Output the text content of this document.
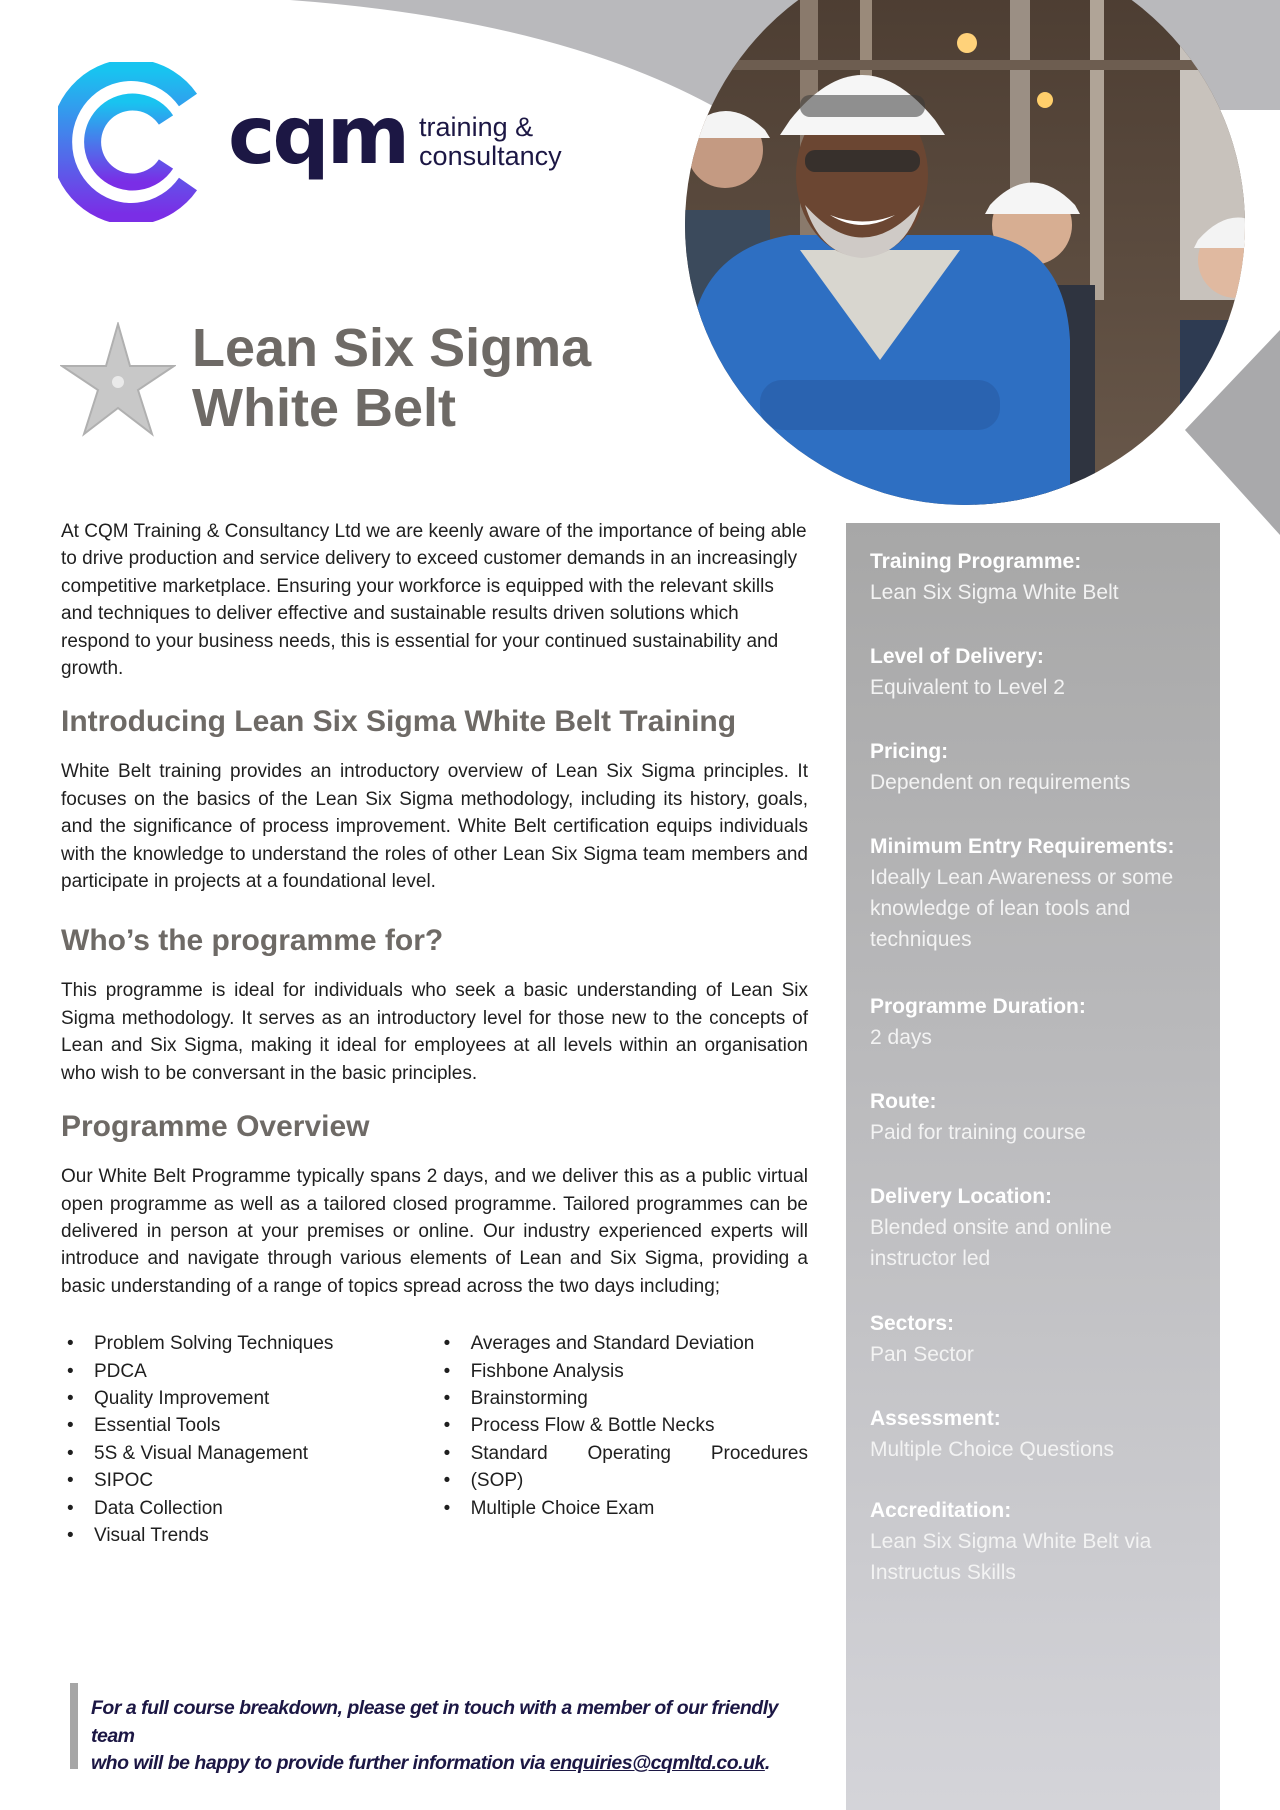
cqm training &
consultancy
Lean Six Sigma
White Belt

At CQM Training & Consultancy Ltd we are keenly aware of the importance of being able to drive production and service delivery to exceed customer demands in an increasingly competitive marketplace. Ensuring your workforce is equipped with the relevant skills and techniques to deliver effective and sustainable results driven solutions which respond to your business needs, this is essential for your continued sustainability and growth.

Introducing Lean Six Sigma White Belt Training

White Belt training provides an introductory overview of Lean Six Sigma principles. It focuses on the basics of the Lean Six Sigma methodology, including its history, goals, and the significance of process improvement. White Belt certification equips individuals with the knowledge to understand the roles of other Lean Six Sigma team members and participate in projects at a foundational level.

Who’s the programme for?

This programme is ideal for individuals who seek a basic understanding of Lean Six Sigma methodology. It serves as an introductory level for those new to the concepts of Lean and Six Sigma, making it ideal for employees at all levels within an organisation who wish to be conversant in the basic principles.

Programme Overview

Our White Belt Programme typically spans 2 days, and we deliver this as a public virtual open programme as well as a tailored closed programme. Tailored programmes can be delivered in person at your premises or online. Our industry experienced experts will introduce and navigate through various elements of Lean and Six Sigma, providing a basic understanding of a range of topics spread across the two days including;

• Problem Solving Techniques
• PDCA
• Quality Improvement
• Essential Tools
• 5S & Visual Management
• SIPOC
• Data Collection
• Visual Trends
• Averages and Standard Deviation
• Fishbone Analysis
• Brainstorming
• Process Flow & Bottle Necks
• Standard Operating Procedures
• (SOP)
• Multiple Choice Exam
Training Programme:
Lean Six Sigma White Belt
Level of Delivery:
Equivalent to Level 2
Pricing:
Dependent on requirements
Minimum Entry Requirements:
Ideally Lean Awareness or some
knowledge of lean tools and
techniques
Programme Duration:
2 days
Route:
Paid for training course
Delivery Location:
Blended onsite and online
instructor led
Sectors:
Pan Sector
Assessment:
Multiple Choice Questions
Accreditation:
Lean Six Sigma White Belt via
Instructus Skills
For a full course breakdown, please get in touch with a member of our friendly team
who will be happy to provide further information via enquiries@cqmltd.co.uk.
